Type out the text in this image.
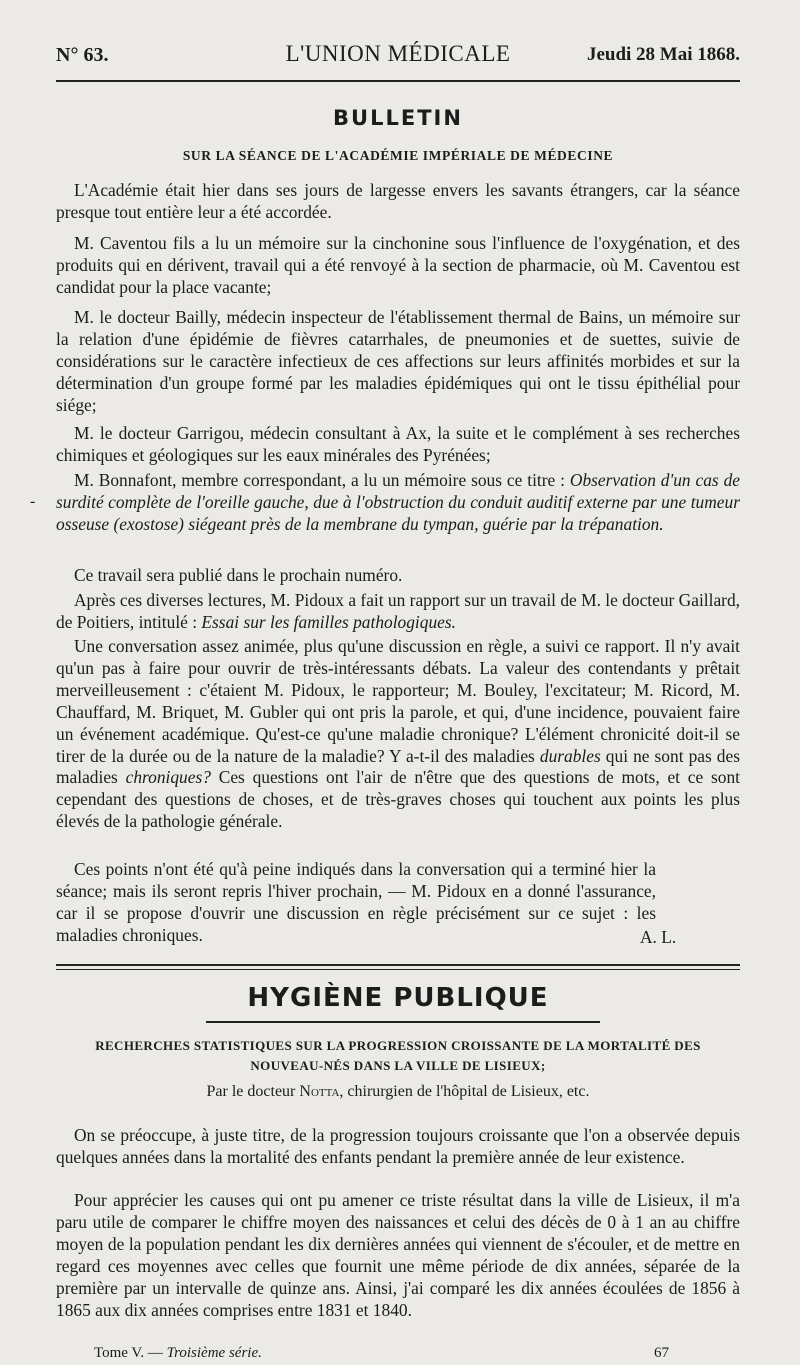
N° 63.	L'UNION MÉDICALE	Jeudi 28 Mai 1868.
BULLETIN
SUR LA SÉANCE DE L'ACADÉMIE IMPÉRIALE DE MÉDECINE

L'Académie était hier dans ses jours de largesse envers les savants étrangers, car la séance presque tout entière leur a été accordée.

M. Caventou fils a lu un mémoire sur la cinchonine sous l'influence de l'oxygénation, et des produits qui en dérivent, travail qui a été renvoyé à la section de pharmacie, où M. Caventou est candidat pour la place vacante;

M. le docteur Bailly, médecin inspecteur de l'établissement thermal de Bains, un mémoire sur la relation d'une épidémie de fièvres catarrhales, de pneumonies et de suettes, suivie de considérations sur le caractère infectieux de ces affections sur leurs affinités morbides et sur la détermination d'un groupe formé par les maladies épidémiques qui ont le tissu épithélial pour siége;

M. le docteur Garrigou, médecin consultant à Ax, la suite et le complément à ses recherches chimiques et géologiques sur les eaux minérales des Pyrénées;

-

M. Bonnafont, membre correspondant, a lu un mémoire sous ce titre : Observation d'un cas de surdité complète de l'oreille gauche, due à l'obstruction du conduit auditif externe par une tumeur osseuse (exostose) siégeant près de la membrane du tympan, guérie par la trépanation.

Ce travail sera publié dans le prochain numéro.

Après ces diverses lectures, M. Pidoux a fait un rapport sur un travail de M. le docteur Gaillard, de Poitiers, intitulé : Essai sur les familles pathologiques.

Une conversation assez animée, plus qu'une discussion en règle, a suivi ce rapport. Il n'y avait qu'un pas à faire pour ouvrir de très-intéressants débats. La valeur des contendants y prêtait merveilleusement : c'étaient M. Pidoux, le rapporteur; M. Bouley, l'excitateur; M. Ricord, M. Chauffard, M. Briquet, M. Gubler qui ont pris la parole, et qui, d'une incidence, pouvaient faire un événement académique. Qu'est-ce qu'une maladie chronique? L'élément chronicité doit-il se tirer de la durée ou de la nature de la maladie? Y a-t-il des maladies durables qui ne sont pas des maladies chroniques? Ces questions ont l'air de n'être que des questions de mots, et ce sont cependant des questions de choses, et de très-graves choses qui touchent aux points les plus élevés de la pathologie générale.

Ces points n'ont été qu'à peine indiqués dans la conversation qui a terminé hier la séance; mais ils seront repris l'hiver prochain, — M. Pidoux en a donné l'assurance, car il se propose d'ouvrir une discussion en règle précisément sur ce sujet : les maladies chroniques.	A. L.
HYGIÈNE PUBLIQUE
RECHERCHES STATISTIQUES SUR LA PROGRESSION CROISSANTE DE LA MORTALITÉ DES
NOUVEAU-NÉS DANS LA VILLE DE LISIEUX;
Par le docteur Notta, chirurgien de l'hôpital de Lisieux, etc.

On se préoccupe, à juste titre, de la progression toujours croissante que l'on a observée depuis quelques années dans la mortalité des enfants pendant la première année de leur existence.

Pour apprécier les causes qui ont pu amener ce triste résultat dans la ville de Lisieux, il m'a paru utile de comparer le chiffre moyen des naissances et celui des décès de 0 à 1 an au chiffre moyen de la population pendant les dix dernières années qui viennent de s'écouler, et de mettre en regard ces moyennes avec celles que fournit une même période de dix années, séparée de la première par un intervalle de quinze ans. Ainsi, j'ai comparé les dix années écoulées de 1856 à 1865 aux dix années comprises entre 1831 et 1840.

Tome V. — Troisième série.	67
